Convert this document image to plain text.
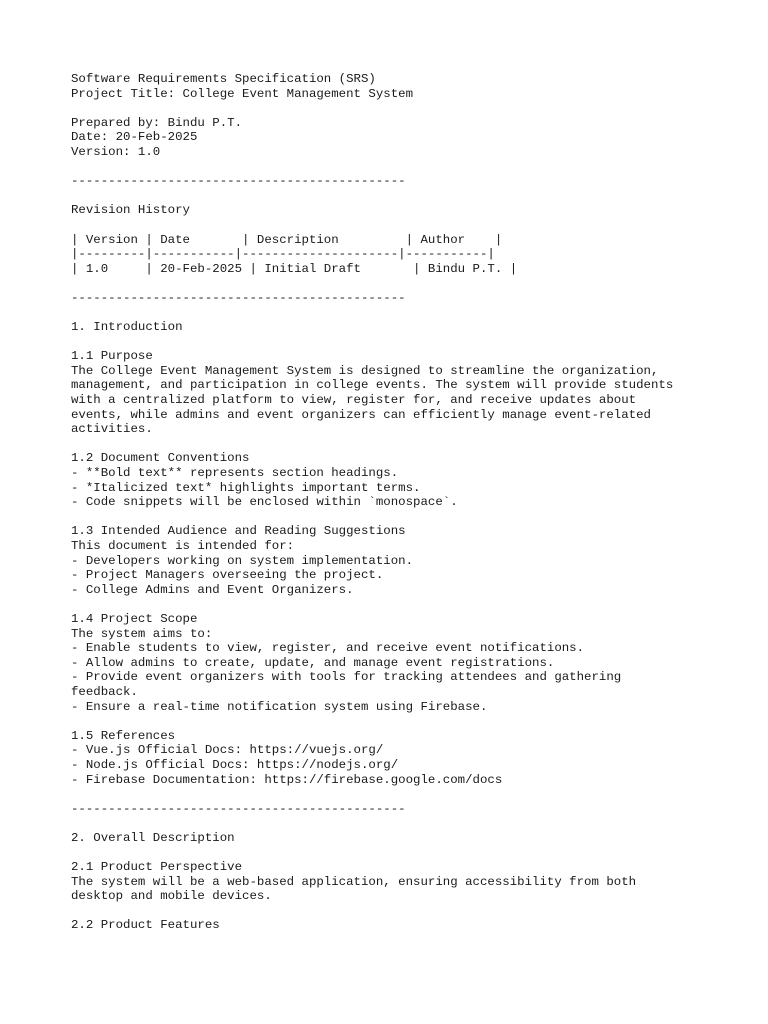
Software Requirements Specification (SRS)
Project Title: College Event Management System
Prepared by: Bindu P.T.
Date: 20-Feb-2025
Version: 1.0
---------------------------------------------
Revision History
| Version | Date       | Description         | Author    |
|---------|-----------|---------------------|-----------|
| 1.0     | 20-Feb-2025 | Initial Draft       | Bindu P.T. |
---------------------------------------------
1. Introduction
1.1 Purpose
The College Event Management System is designed to streamline the organization,
management, and participation in college events. The system will provide students
with a centralized platform to view, register for, and receive updates about
events, while admins and event organizers can efficiently manage event-related
activities.
1.2 Document Conventions
- **Bold text** represents section headings.
- *Italicized text* highlights important terms.
- Code snippets will be enclosed within `monospace`.
1.3 Intended Audience and Reading Suggestions
This document is intended for:
- Developers working on system implementation.
- Project Managers overseeing the project.
- College Admins and Event Organizers.
1.4 Project Scope
The system aims to:
- Enable students to view, register, and receive event notifications.
- Allow admins to create, update, and manage event registrations.
- Provide event organizers with tools for tracking attendees and gathering
feedback.
- Ensure a real-time notification system using Firebase.
1.5 References
- Vue.js Official Docs: https://vuejs.org/
- Node.js Official Docs: https://nodejs.org/
- Firebase Documentation: https://firebase.google.com/docs
---------------------------------------------
2. Overall Description
2.1 Product Perspective
The system will be a web-based application, ensuring accessibility from both
desktop and mobile devices.
2.2 Product Features
